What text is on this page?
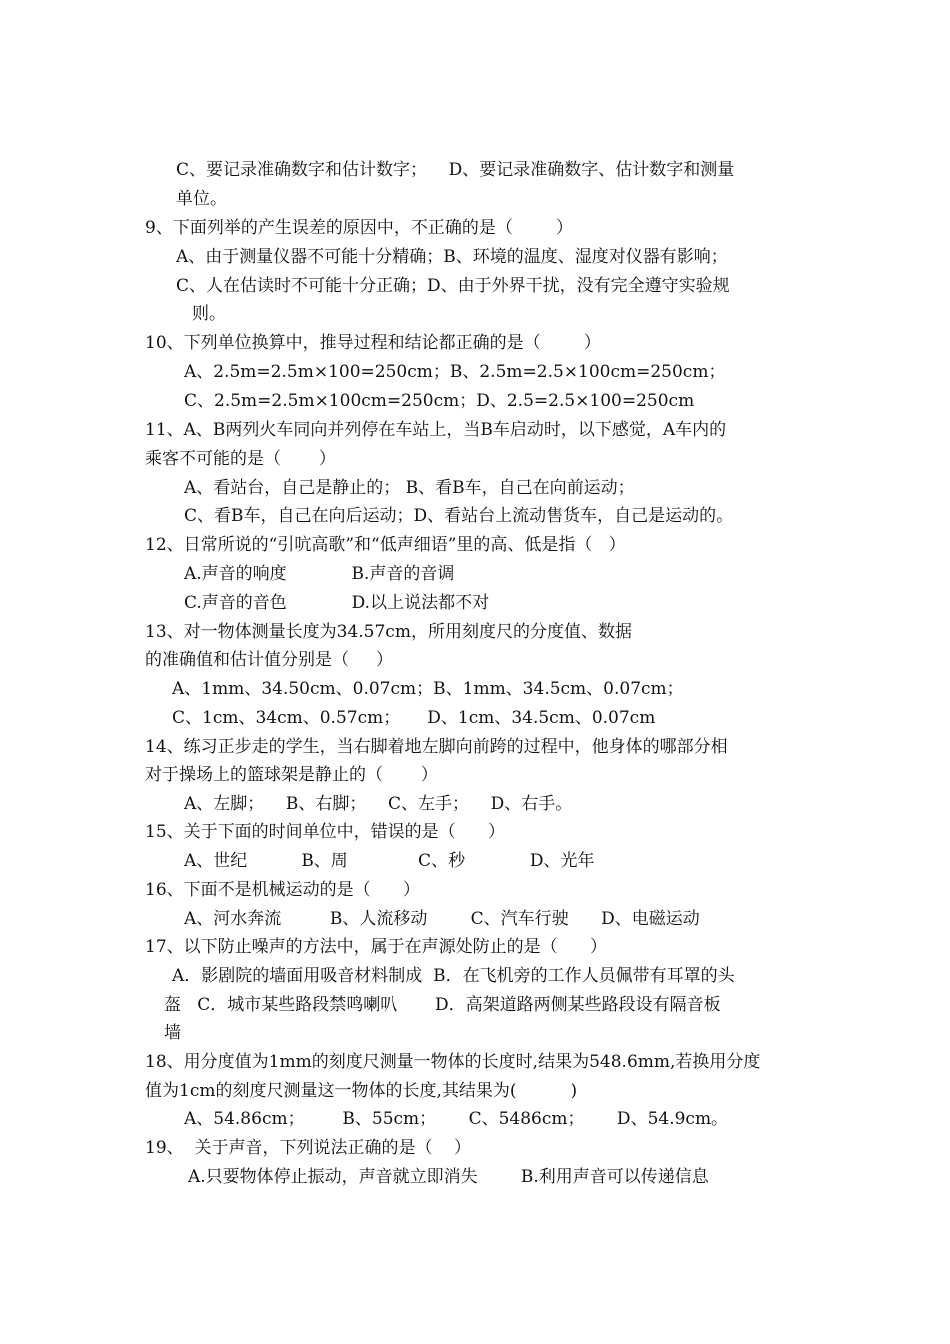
C、要记录准确数字和估计数字；    D、要记录准确数字、估计数字和测量
单位。
9、下面列举的产生误差的原因中，不正确的是（        ）
A、由于测量仪器不可能十分精确；B、环境的温度、湿度对仪器有影响；
C、人在估读时不可能十分正确；D、由于外界干扰，没有完全遵守实验规
则。
10、下列单位换算中，推导过程和结论都正确的是（        ）
A、2.5m=2.5m×100=250cm；B、2.5m=2.5×100cm=250cm；
C、2.5m=2.5m×100cm=250cm；D、2.5=2.5×100=250cm
11、A、B两列火车同向并列停在车站上，当B车启动时，以下感觉，A车内的
乘客不可能的是（       ）
A、看站台，自己是静止的； B、看B车，自己在向前运动；
C、看B车，自己在向后运动；D、看站台上流动售货车，自己是运动的。
12、日常所说的“引吭高歌”和“低声细语”里的高、低是指（   ）
A.声音的响度            B.声音的音调
C.声音的音色            D.以上说法都不对
13、对一物体测量长度为34.57cm，所用刻度尺的分度值、数据
的准确值和估计值分别是（     ）
A、1mm、34.50cm、0.07cm；B、1mm、34.5cm、0.07cm；
C、1cm、34cm、0.57cm；     D、1cm、34.5cm、0.07cm
14、练习正步走的学生，当右脚着地左脚向前跨的过程中，他身体的哪部分相
对于操场上的篮球架是静止的（       ）
A、左脚；    B、右脚；    C、左手；    D、右手。
15、关于下面的时间单位中，错误的是（      ）
A、世纪          B、周             C、秒            D、光年
16、下面不是机械运动的是（      ）
A、河水奔流         B、人流移动        C、汽车行驶      D、电磁运动
17、以下防止噪声的方法中，属于在声源处防止的是（      ）
A．影剧院的墙面用吸音材料制成  B．在飞机旁的工作人员佩带有耳罩的头
盔   C．城市某些路段禁鸣喇叭       D．高架道路两侧某些路段设有隔音板
墙
18、用分度值为1mm的刻度尺测量一物体的长度时,结果为548.6mm,若换用分度
值为1cm的刻度尺测量这一物体的长度,其结果为(          )
A、54.86cm；       B、55cm；      C、5486cm；      D、54.9cm。
19、  关于声音，下列说法正确的是（    ）
A.只要物体停止振动，声音就立即消失        B.利用声音可以传递信息
